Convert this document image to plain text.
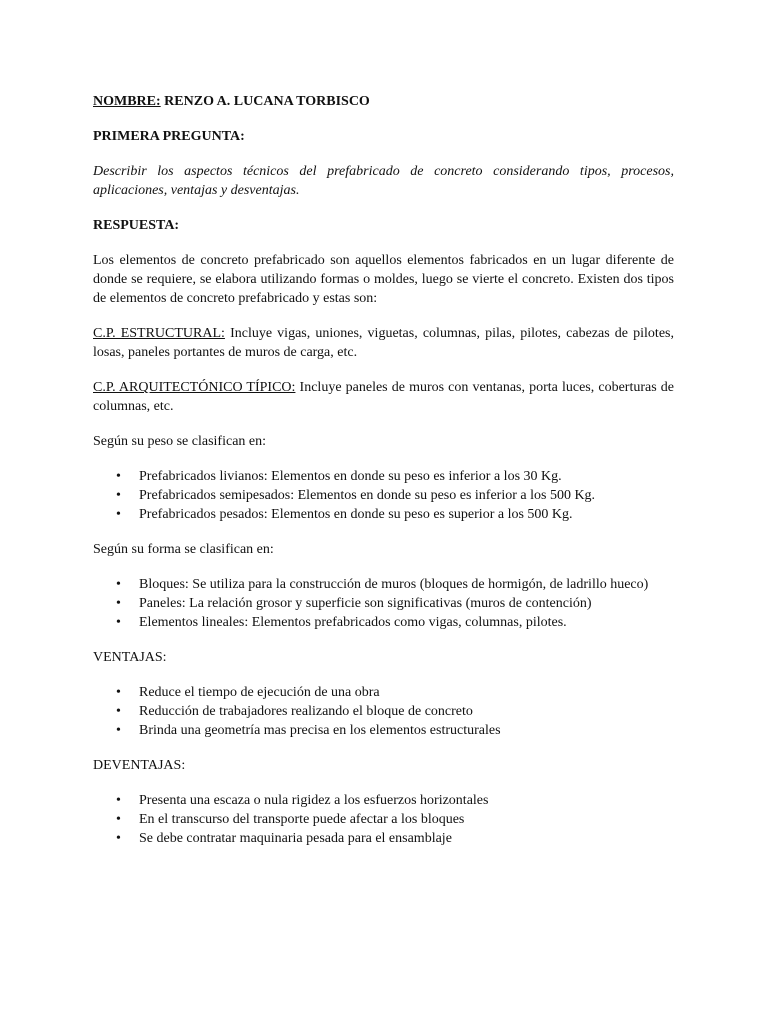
NOMBRE: RENZO A. LUCANA TORBISCO

PRIMERA PREGUNTA:

Describir los aspectos técnicos del prefabricado de concreto considerando tipos, procesos, aplicaciones, ventajas y desventajas.

RESPUESTA:

Los elementos de concreto prefabricado son aquellos elementos fabricados en un lugar diferente de donde se requiere, se elabora utilizando formas o moldes, luego se vierte el concreto. Existen dos tipos de elementos de concreto prefabricado y estas son:

C.P. ESTRUCTURAL: Incluye vigas, uniones, viguetas, columnas, pilas, pilotes, cabezas de pilotes, losas, paneles portantes de muros de carga, etc.

C.P. ARQUITECTÓNICO TÍPICO: Incluye paneles de muros con ventanas, porta luces, coberturas de columnas, etc.

Según su peso se clasifican en:

• Prefabricados livianos: Elementos en donde su peso es inferior a los 30 Kg.
• Prefabricados semipesados: Elementos en donde su peso es inferior a los 500 Kg.
• Prefabricados pesados: Elementos en donde su peso es superior a los 500 Kg.

Según su forma se clasifican en:

• Bloques: Se utiliza para la construcción de muros (bloques de hormigón, de ladrillo hueco)
• Paneles: La relación grosor y superficie son significativas (muros de contención)
• Elementos lineales: Elementos prefabricados como vigas, columnas, pilotes.

VENTAJAS:

• Reduce el tiempo de ejecución de una obra
• Reducción de trabajadores realizando el bloque de concreto
• Brinda una geometría mas precisa en los elementos estructurales

DEVENTAJAS:

• Presenta una escaza o nula rigidez a los esfuerzos horizontales
• En el transcurso del transporte puede afectar a los bloques
• Se debe contratar maquinaria pesada para el ensamblaje
